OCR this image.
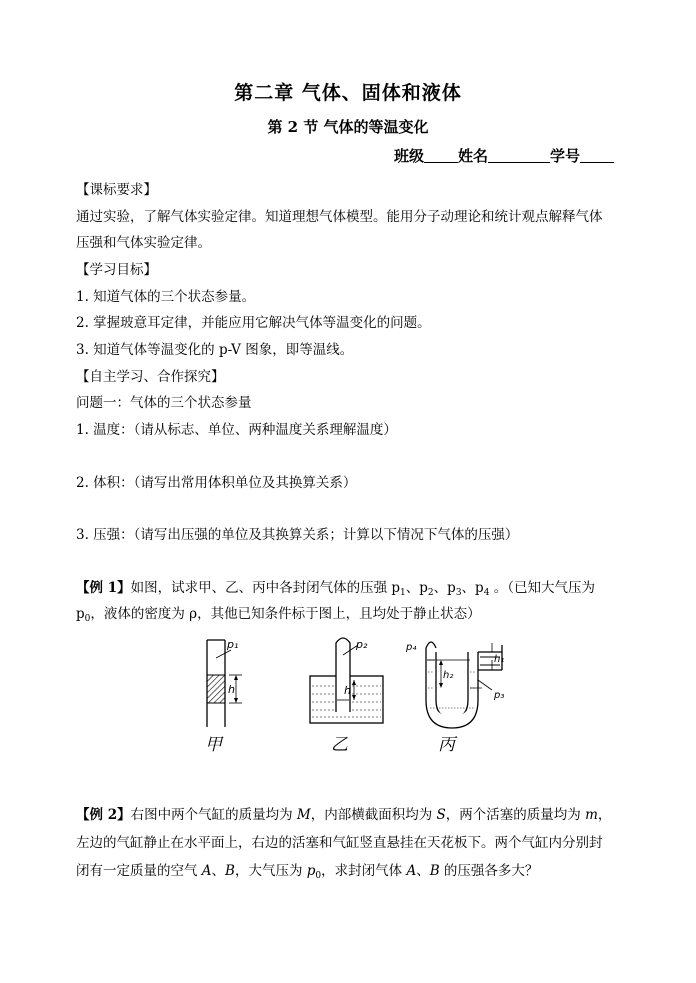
第二章 气体、固体和液体
第 2 节 气体的等温变化
班级 姓名	学号
【课标要求】
通过实验，了解气体实验定律。知道理想气体模型。能用分子动理论和统计观点解释气体
压强和气体实验定律。
【学习目标】
1. 知道气体的三个状态参量。
2. 掌握玻意耳定律，并能应用它解决气体等温变化的问题。
3. 知道气体等温变化的 p-V 图象，即等温线。
【自主学习、合作探究】
问题一：气体的三个状态参量
1. 温度：（请从标志、单位、两种温度关系理解温度）
2. 体积：（请写出常用体积单位及其换算关系）
3. 压强：（请写出压强的单位及其换算关系；计算以下情况下气体的压强）
【例 1】如图，试求甲、乙、丙中各封闭气体的压强 $p_1$、$p_2$、$p_3$、$p_4$ 。（已知大气压为
$p_0$，液体的密度为 ρ，其他已知条件标于图上，且均处于静止状态）
p₁
h
p₂
h
p₄
h₂
h₁
p₃
甲	乙	丙
【例 2】右图中两个气缸的质量均为 M，内部横截面积均为 S，两个活塞的质量均为 m，
左边的气缸静止在水平面上，右边的活塞和气缸竖直悬挂在天花板下。两个气缸内分别封
闭有一定质量的空气 A、B，大气压为 $p_0$，求封闭气体 A、B 的压强各多大？
